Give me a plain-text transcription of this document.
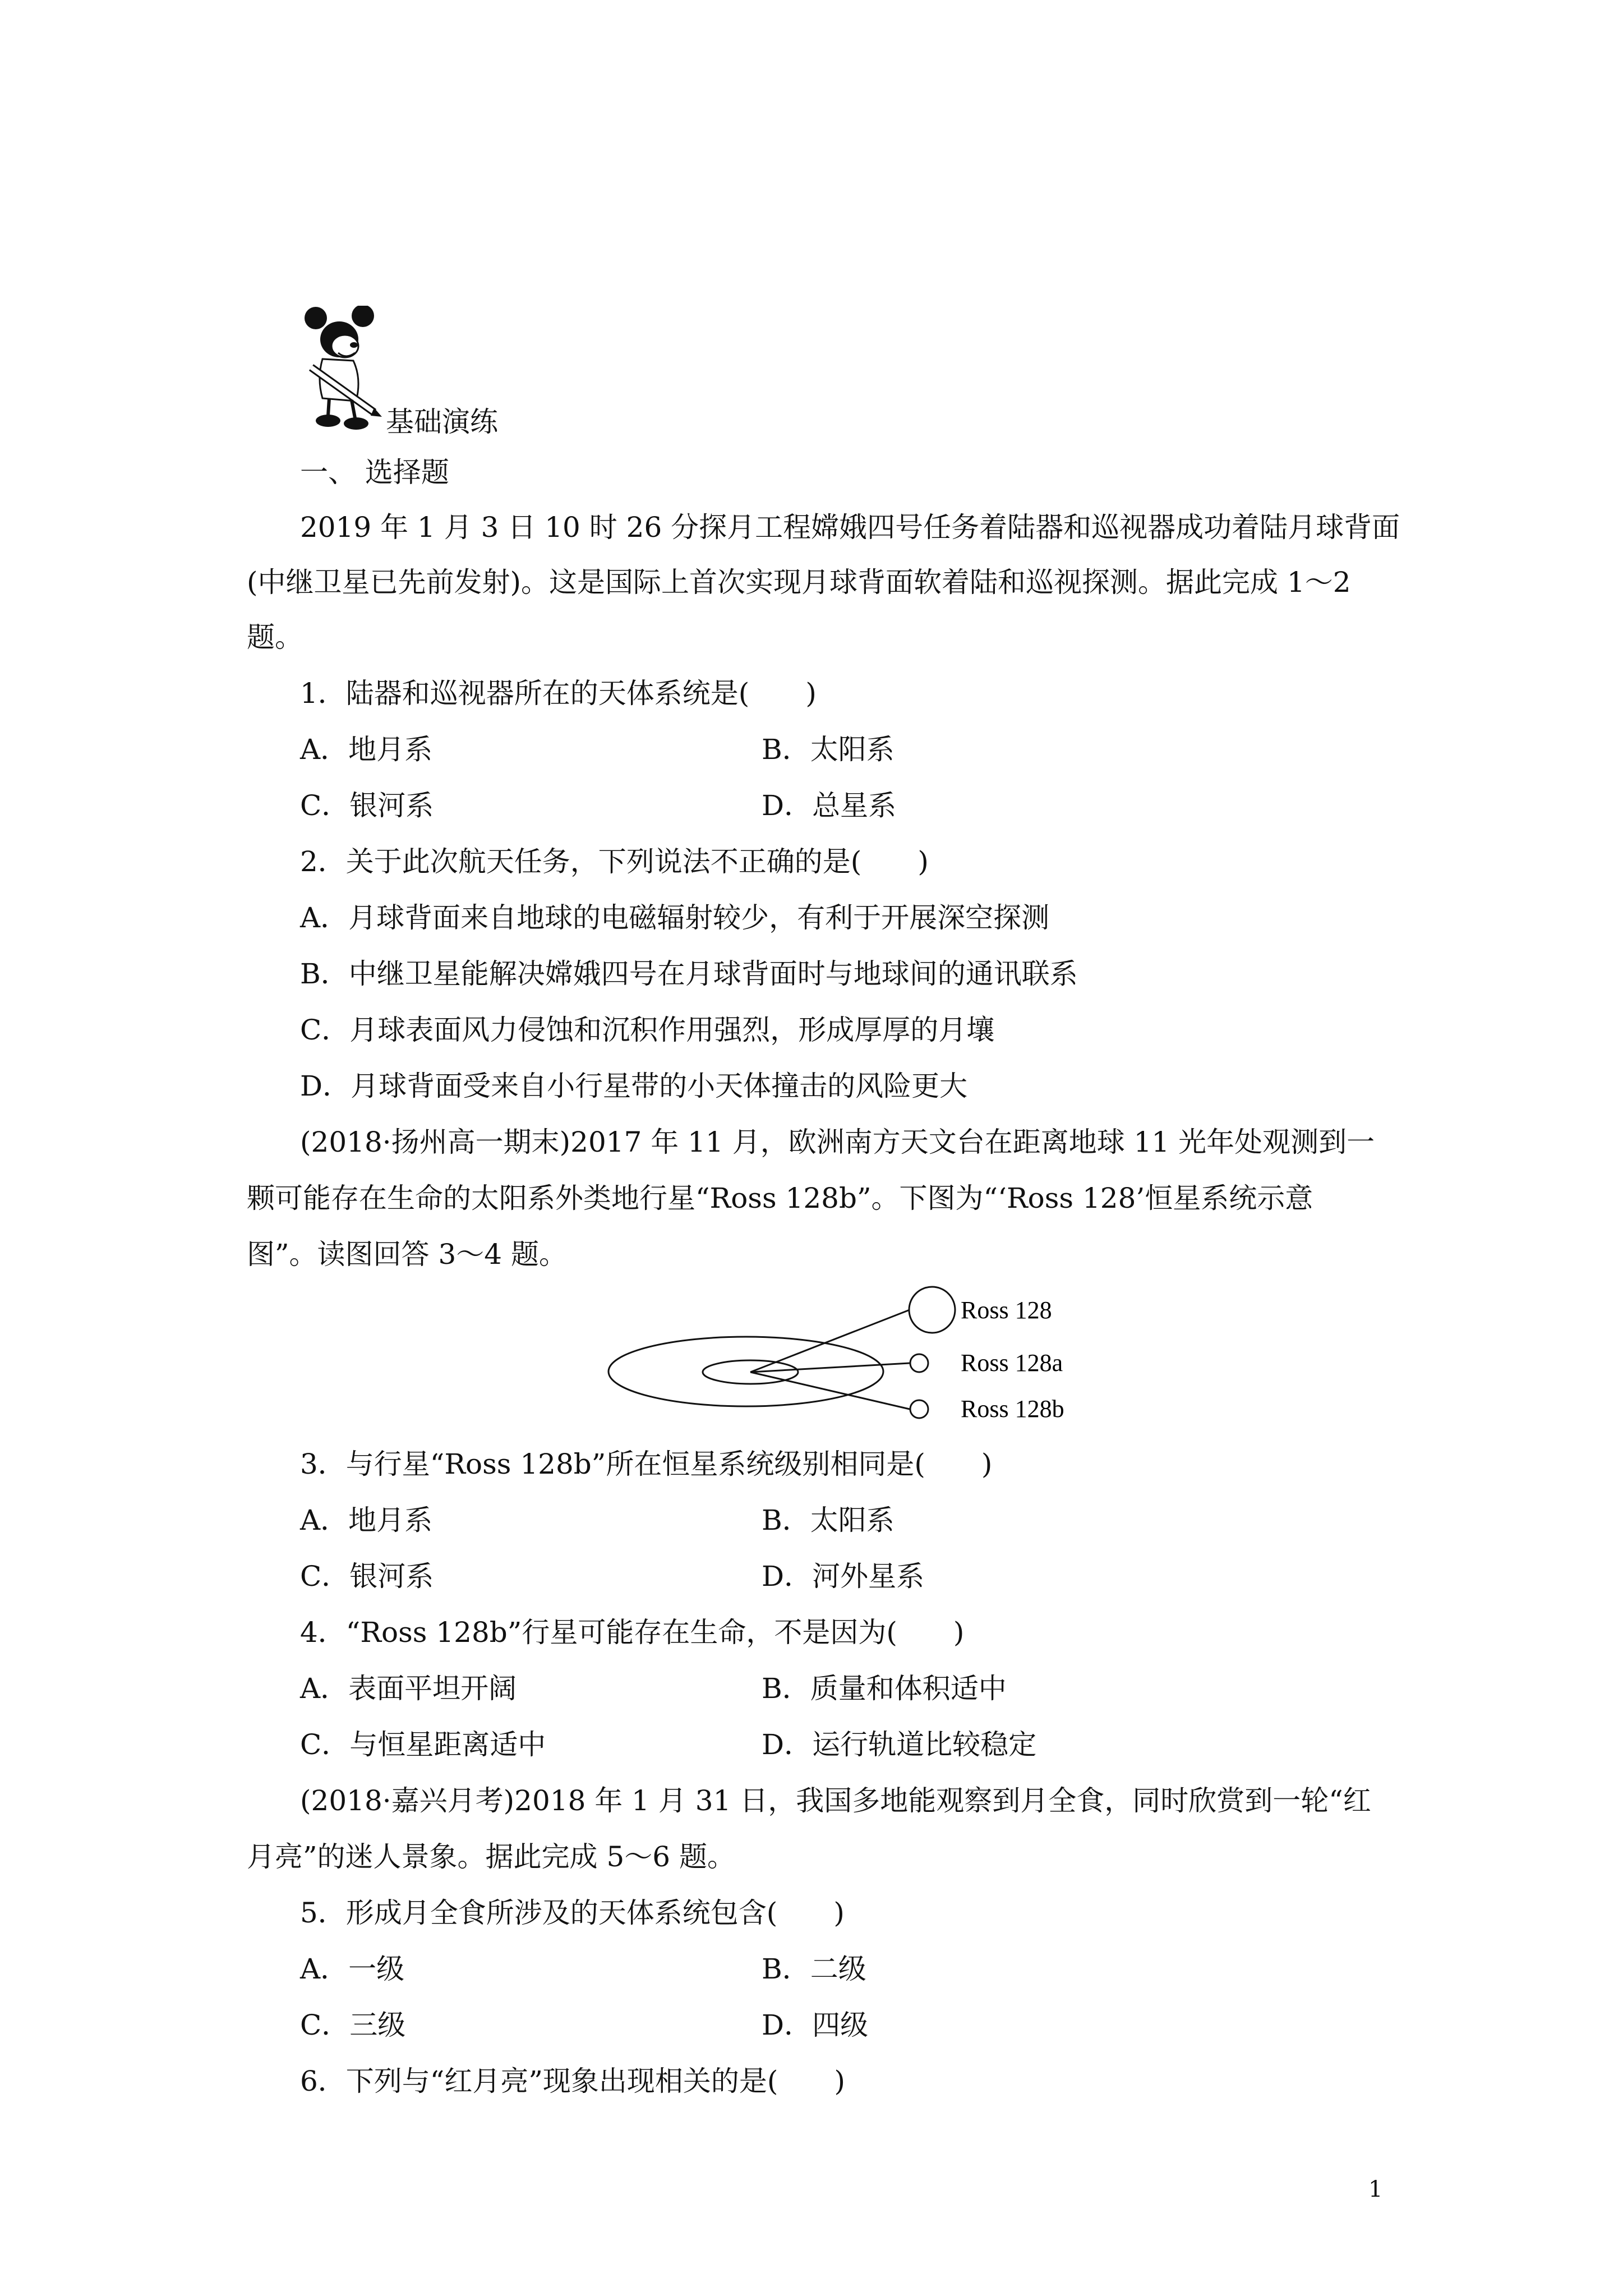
基础演练
一、 选择题
2019 年 1 月 3 日 10 时 26 分探月工程嫦娥四号任务着陆器和巡视器成功着陆月球背面
(中继卫星已先前发射)。这是国际上首次实现月球背面软着陆和巡视探测。据此完成 1～2
题。
1．陆器和巡视器所在的天体系统是(　　)
A．地月系	B．太阳系
C．银河系	D．总星系
2．关于此次航天任务，下列说法不正确的是(　　)
A．月球背面来自地球的电磁辐射较少，有利于开展深空探测
B．中继卫星能解决嫦娥四号在月球背面时与地球间的通讯联系
C．月球表面风力侵蚀和沉积作用强烈，形成厚厚的月壤
D．月球背面受来自小行星带的小天体撞击的风险更大
(2018·扬州高一期末)2017 年 11 月，欧洲南方天文台在距离地球 11 光年处观测到一
颗可能存在生命的太阳系外类地行星“Ross 128b”。下图为“‘Ross 128’恒星系统示意
图”。读图回答 3～4 题。
Ross 128
Ross 128a
Ross 128b
3．与行星“Ross 128b”所在恒星系统级别相同是(　　)
A．地月系	B．太阳系
C．银河系	D．河外星系
4．“Ross 128b”行星可能存在生命，不是因为(　　)
A．表面平坦开阔	B．质量和体积适中
C．与恒星距离适中	D．运行轨道比较稳定
(2018·嘉兴月考)2018 年 1 月 31 日，我国多地能观察到月全食，同时欣赏到一轮“红
月亮”的迷人景象。据此完成 5～6 题。
5．形成月全食所涉及的天体系统包含(　　)
A．一级	B．二级
C．三级	D．四级
6．下列与“红月亮”现象出现相关的是(　　)
1
